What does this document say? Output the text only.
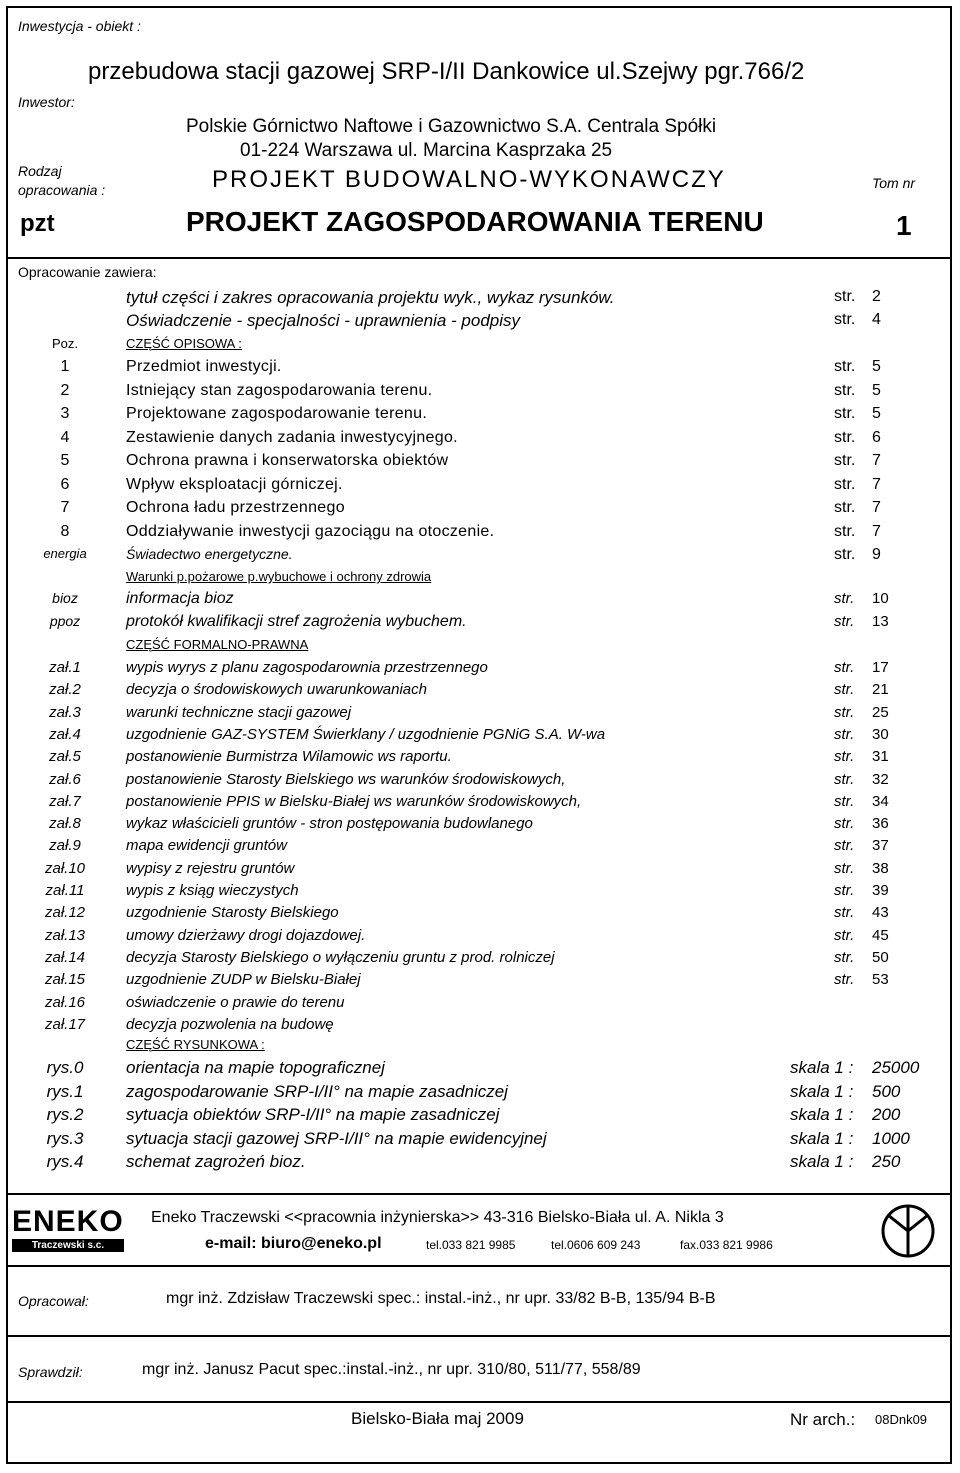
Inwestycja - obiekt :
przebudowa stacji gazowej SRP-I/II Dankowice ul.Szejwy pgr.766/2
Inwestor:
Polskie Górnictwo Naftowe i Gazownictwo S.A. Centrala Spółki
01-224 Warszawa ul. Marcina Kasprzaka 25
Rodzaj
opracowania :	PROJEKT BUDOWALNO-WYKONAWCZY	Tom nr
pzt	PROJEKT ZAGOSPODAROWANIA TERENU	1
Opracowanie zawiera:
tytuł części i zakres opracowania projektu wyk., wykaz rysunków.	str. 2
Oświadczenie - specjalności - uprawnienia - podpisy	str. 4
Poz.	CZĘŚĆ OPISOWA :
1	Przedmiot inwestycji.	str. 5
2	Istniejący stan zagospodarowania terenu.	str. 5
3	Projektowane zagospodarowanie terenu.	str. 5
4	Zestawienie danych zadania inwestycyjnego.	str. 6
5	Ochrona prawna i konserwatorska obiektów	str. 7
6	Wpływ eksploatacji górniczej.	str. 7
7	Ochrona ładu przestrzennego	str. 7
8	Oddziaływanie inwestycji gazociągu na otoczenie.	str. 7
energia	Świadectwo energetyczne.	str. 9
Warunki p.pożarowe p.wybuchowe i ochrony zdrowia
bioz	informacja bioz	str. 10
ppoz	protokół kwalifikacji stref zagrożenia wybuchem.	str. 13
CZĘŚĆ FORMALNO-PRAWNA
zał.1	wypis wyrys z planu zagospodarownia przestrzennego	str. 17
zał.2	decyzja o środowiskowych uwarunkowaniach	str. 21
zał.3	warunki techniczne stacji gazowej	str. 25
zał.4	uzgodnienie GAZ-SYSTEM Świerklany / uzgodnienie PGNiG S.A. W-wa	str. 30
zał.5	postanowienie Burmistrza Wilamowic ws raportu.	str. 31
zał.6	postanowienie Starosty Bielskiego ws warunków środowiskowych,	str. 32
zał.7	postanowienie PPIS w Bielsku-Białej ws warunków środowiskowych,	str. 34
zał.8	wykaz właścicieli gruntów - stron postępowania budowlanego	str. 36
zał.9	mapa ewidencji gruntów	str. 37
zał.10	wypisy z rejestru gruntów	str. 38
zał.11	wypis z ksiąg wieczystych	str. 39
zał.12	uzgodnienie Starosty Bielskiego	str. 43
zał.13	umowy dzierżawy drogi dojazdowej.	str. 45
zał.14	decyzja Starosty Bielskiego o wyłączeniu gruntu z prod. rolniczej	str. 50
zał.15	uzgodnienie ZUDP w Bielsku-Białej	str. 53
zał.16	oświadczenie o prawie do terenu
zał.17	decyzja pozwolenia na budowę
CZĘŚĆ RYSUNKOWA :
rys.0	orientacja na mapie topograficznej	skala 1 : 25000
rys.1	zagospodarowanie SRP-I/II° na mapie zasadniczej	skala 1 : 500
rys.2	sytuacja obiektów SRP-I/II° na mapie zasadniczej	skala 1 : 200
rys.3	sytuacja stacji gazowej SRP-I/II° na mapie ewidencyjnej	skala 1 : 1000
rys.4	schemat zagrożeń bioz.	skala 1 : 250
ENEKO
Traczewski s.c.
Eneko Traczewski <<pracownia inżynierska>> 43-316 Bielsko-Biała ul. A. Nikla 3
e-mail: biuro@eneko.pl	tel.033 821 9985	tel.0606 609 243	fax.033 821 9986
Opracował:	mgr inż. Zdzisław Traczewski spec.: instal.-inż., nr upr. 33/82 B-B, 135/94 B-B
Sprawdził:	mgr inż. Janusz Pacut spec.:instal.-inż., nr upr. 310/80, 511/77, 558/89
Bielsko-Biała maj 2009	Nr arch.: 08Dnk09
